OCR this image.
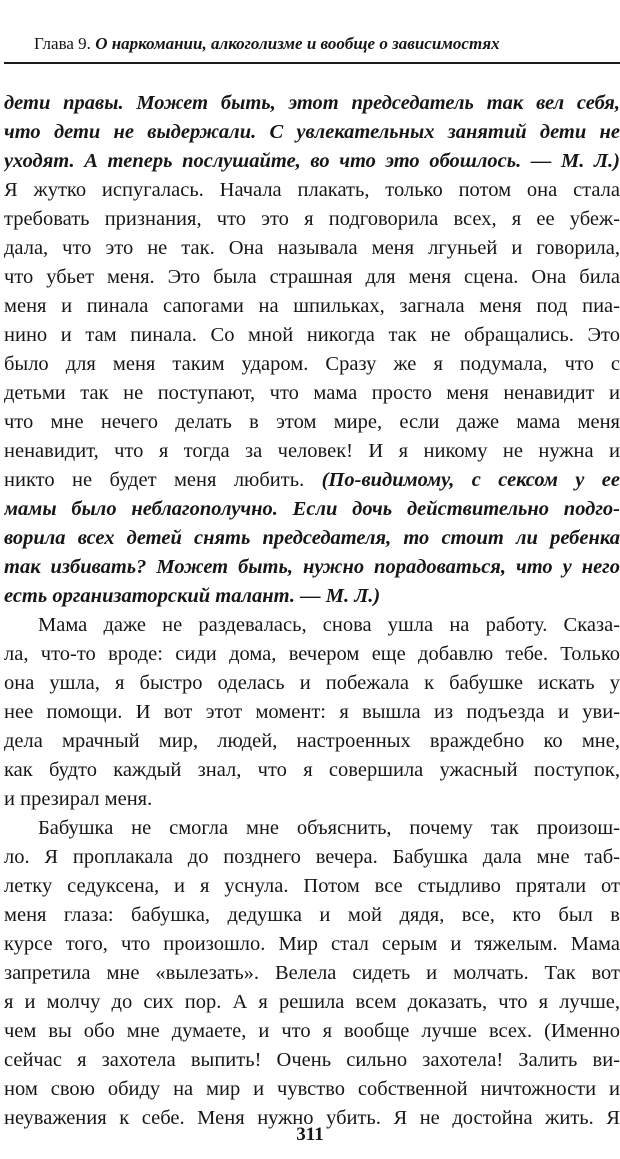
Глава 9. О наркомании, алкоголизме и вообще о зависимостях
дети правы. Может быть, этот председатель так вел себя,
что дети не выдержали. С увлекательных занятий дети не
уходят. А теперь послушайте, во что это обошлось. — М. Л.)
Я жутко испугалась. Начала плакать, только потом она стала
требовать признания, что это я подговорила всех, я ее убеж-
дала, что это не так. Она называла меня лгуньей и говорила,
что убьет меня. Это была страшная для меня сцена. Она била
меня и пинала сапогами на шпильках, загнала меня под пиа-
нино и там пинала. Со мной никогда так не обращались. Это
было для меня таким ударом. Сразу же я подумала, что с
детьми так не поступают, что мама просто меня ненавидит и
что мне нечего делать в этом мире, если даже мама меня
ненавидит, что я тогда за человек! И я никому не нужна и
никто не будет меня любить. (По-видимому, с сексом у ее
мамы было неблагополучно. Если дочь действительно подго-
ворила всех детей снять председателя, то стоит ли ребенка
так избивать? Может быть, нужно порадоваться, что у него
есть организаторский талант. — М. Л.)
Мама даже не раздевалась, снова ушла на работу. Сказа-
ла, что-то вроде: сиди дома, вечером еще добавлю тебе. Только
она ушла, я быстро оделась и побежала к бабушке искать у
нее помощи. И вот этот момент: я вышла из подъезда и уви-
дела мрачный мир, людей, настроенных враждебно ко мне,
как будто каждый знал, что я совершила ужасный поступок,
и презирал меня.
Бабушка не смогла мне объяснить, почему так произош-
ло. Я проплакала до позднего вечера. Бабушка дала мне таб-
летку седуксена, и я уснула. Потом все стыдливо прятали от
меня глаза: бабушка, дедушка и мой дядя, все, кто был в
курсе того, что произошло. Мир стал серым и тяжелым. Мама
запретила мне «вылезать». Велела сидеть и молчать. Так вот
я и молчу до сих пор. А я решила всем доказать, что я лучше,
чем вы обо мне думаете, и что я вообще лучше всех. (Именно
сейчас я захотела выпить! Очень сильно захотела! Залить ви-
ном свою обиду на мир и чувство собственной ничтожности и
неуважения к себе. Меня нужно убить. Я не достойна жить. Я
311
